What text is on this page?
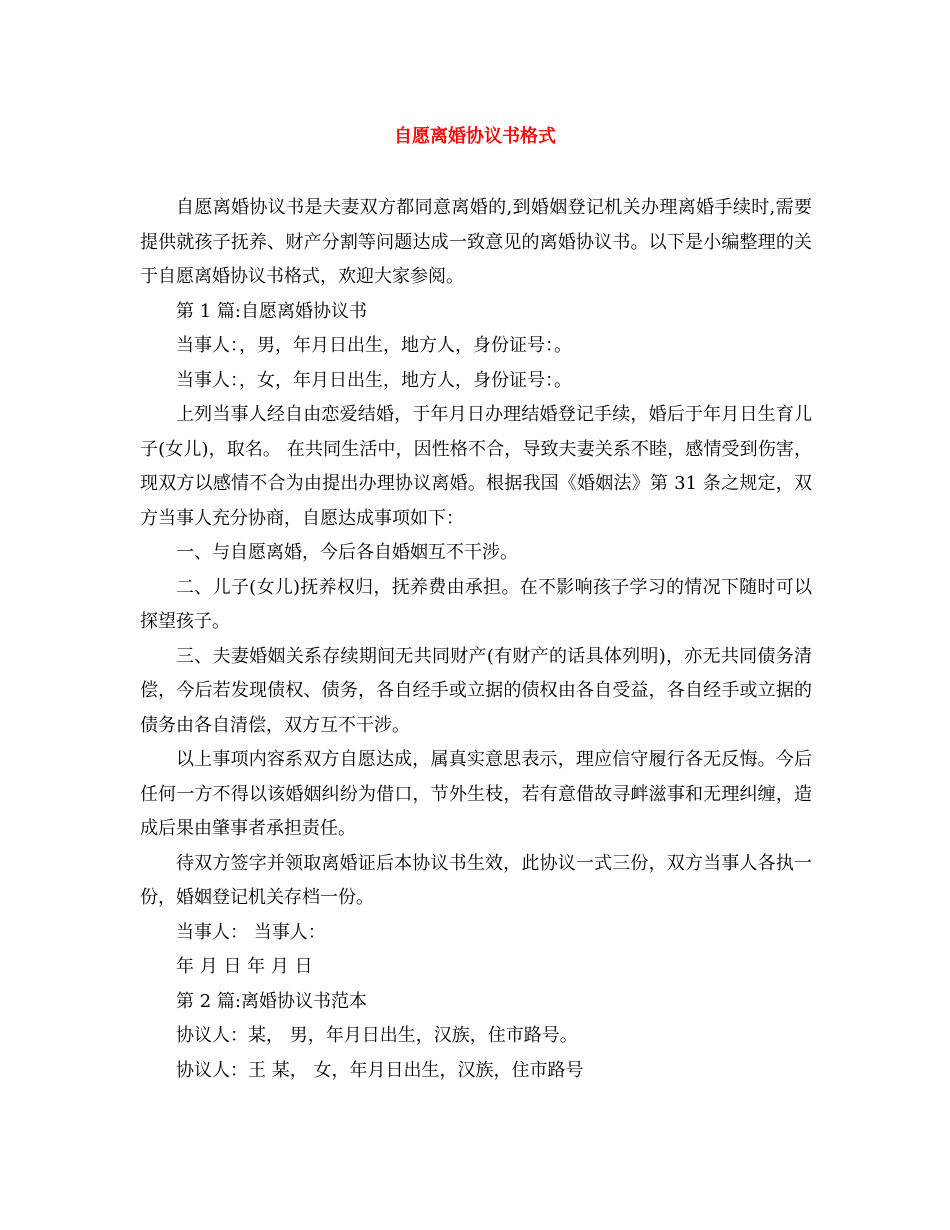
自愿离婚协议书格式

自愿离婚协议书是夫妻双方都同意离婚的,到婚姻登记机关办理离婚手续时,需要提供就孩子抚养、财产分割等问题达成一致意见的离婚协议书。以下是小编整理的关于自愿离婚协议书格式，欢迎大家参阅。

第 1 篇:自愿离婚协议书

当事人：，男，年月日出生，地方人，身份证号：。

当事人：，女，年月日出生，地方人，身份证号：。

上列当事人经自由恋爱结婚，于年月日办理结婚登记手续，婚后于年月日生育儿子(女儿)，取名。 在共同生活中，因性格不合，导致夫妻关系不睦，感情受到伤害，现双方以感情不合为由提出办理协议离婚。根据我国《婚姻法》第 31 条之规定，双方当事人充分协商，自愿达成事项如下：

一、与自愿离婚，今后各自婚姻互不干涉。

二、儿子(女儿)抚养权归，抚养费由承担。在不影响孩子学习的情况下随时可以探望孩子。

三、夫妻婚姻关系存续期间无共同财产(有财产的话具体列明)，亦无共同债务清偿，今后若发现债权、债务，各自经手或立据的债权由各自受益，各自经手或立据的债务由各自清偿，双方互不干涉。

以上事项内容系双方自愿达成，属真实意思表示，理应信守履行各无反悔。今后任何一方不得以该婚姻纠纷为借口，节外生枝，若有意借故寻衅滋事和无理纠缠，造成后果由肇事者承担责任。

待双方签字并领取离婚证后本协议书生效，此协议一式三份，双方当事人各执一份，婚姻登记机关存档一份。

当事人： 当事人：

年 月 日 年 月 日

第 2 篇:离婚协议书范本

协议人：某， 男，年月日出生，汉族，住市路号。

协议人：王 某， 女，年月日出生，汉族，住市路号
